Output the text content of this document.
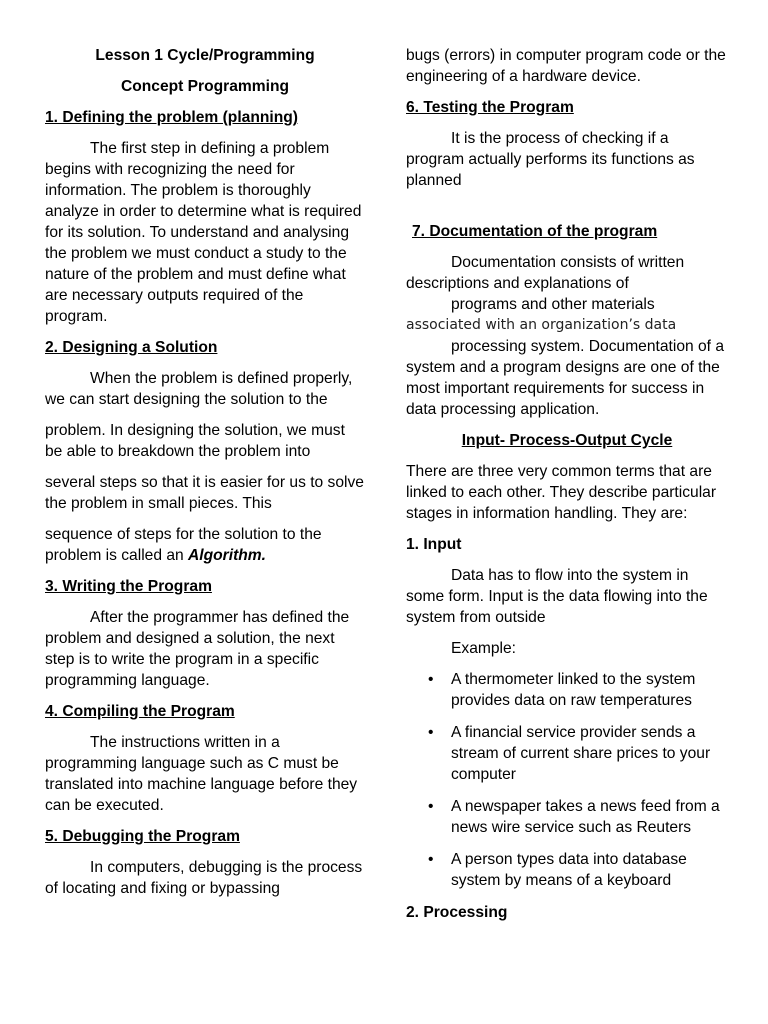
Lesson 1 Cycle/Programming

Concept Programming

1. Defining the problem (planning)

The first step in defining a problem begins with recognizing the need for information. The problem is thoroughly analyze in order to determine what is required for its solution. To understand and analysing the problem we must conduct a study to the nature of the problem and must define what are necessary outputs required of the program.

2. Designing a Solution

When the problem is defined properly, we can start designing the solution to the

problem. In designing the solution, we must be able to breakdown the problem into

several steps so that it is easier for us to solve the problem in small pieces. This

sequence of steps for the solution to the problem is called an Algorithm.

3. Writing the Program

After the programmer has defined the problem and designed a solution, the next step is to write the program in a specific programming language.

4. Compiling the Program

The instructions written in a programming language such as C must be translated into machine language before they can be executed.

5. Debugging the Program

In computers, debugging is the process of locating and fixing or bypassing

bugs (errors) in computer program code or the engineering of a hardware device.

6. Testing the Program

It is the process of checking if a program actually performs its functions as planned

7. Documentation of the program

Documentation consists of written descriptions and explanations of

programs and other materials

associated with an organization’s data

processing system. Documentation of a system and a program designs are one of the most important requirements for success in data processing application.

Input- Process-Output Cycle

There are three very common terms that are linked to each other. They describe particular stages in information handling. They are:

1. Input

Data has to flow into the system in some form. Input is the data flowing into the system from outside

Example:

• A thermometer linked to the system provides data on raw temperatures
• A financial service provider sends a stream of current share prices to your computer
• A newspaper takes a news feed from a news wire service such as Reuters
• A person types data into database system by means of a keyboard

2. Processing
